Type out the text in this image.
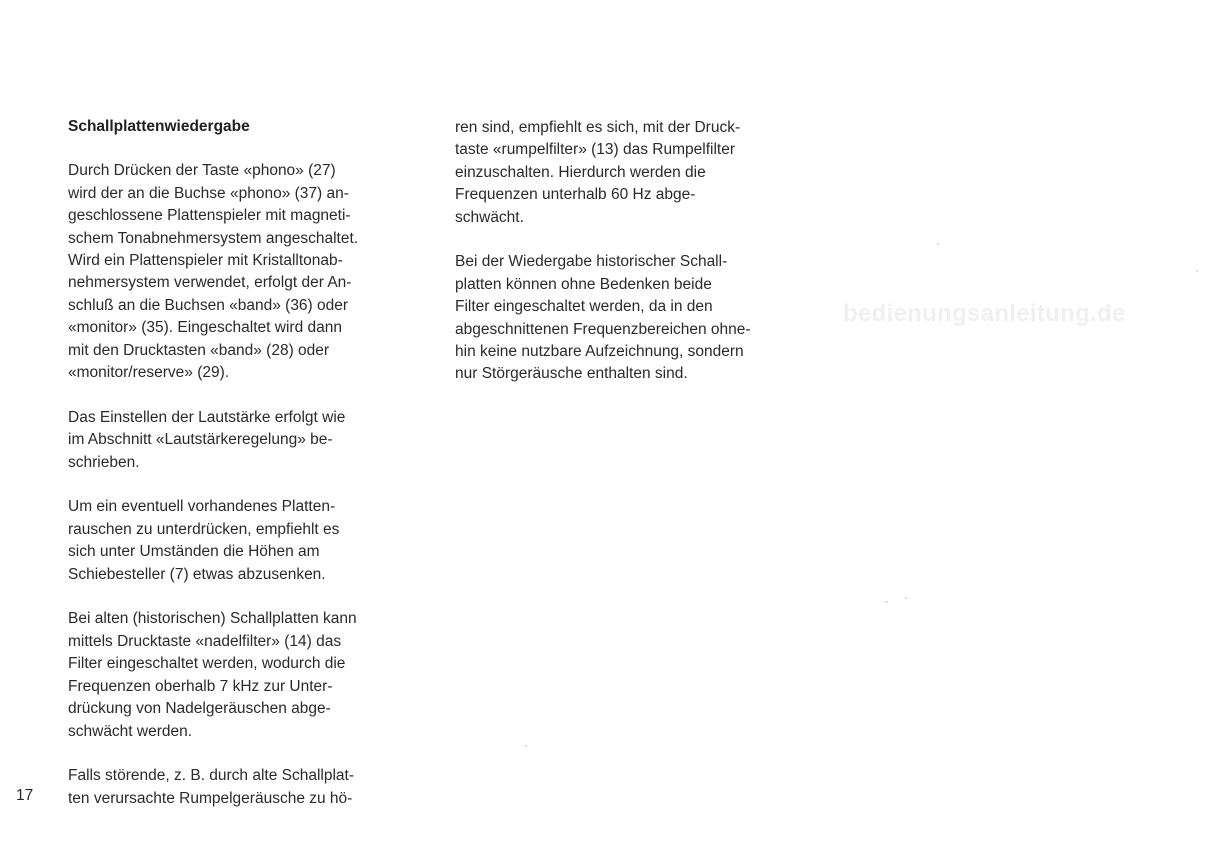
bedienungsanleitung.de
Schallplattenwiedergabe
Durch Drücken der Taste «phono» (27)
wird der an die Buchse «phono» (37) an-
geschlossene Plattenspieler mit magneti-
schem Tonabnehmersystem angeschaltet.
Wird ein Plattenspieler mit Kristalltonab-
nehmersystem verwendet, erfolgt der An-
schluß an die Buchsen «band» (36) oder
«monitor» (35). Eingeschaltet wird dann
mit den Drucktasten «band» (28) oder
«monitor/reserve» (29).
Das Einstellen der Lautstärke erfolgt wie
im Abschnitt «Lautstärkeregelung» be-
schrieben.
Um ein eventuell vorhandenes Platten-
rauschen zu unterdrücken, empfiehlt es
sich unter Umständen die Höhen am
Schiebesteller (7) etwas abzusenken.
Bei alten (historischen) Schallplatten kann
mittels Drucktaste «nadelfilter» (14) das
Filter eingeschaltet werden, wodurch die
Frequenzen oberhalb 7 kHz zur Unter-
drückung von Nadelgeräuschen abge-
schwächt werden.
Falls störende, z. B. durch alte Schallplat-
ten verursachte Rumpelgeräusche zu hö-
ren sind, empfiehlt es sich, mit der Druck-
taste «rumpelfilter» (13) das Rumpelfilter
einzuschalten. Hierdurch werden die
Frequenzen unterhalb 60 Hz abge-
schwächt.
Bei der Wiedergabe historischer Schall-
platten können ohne Bedenken beide
Filter eingeschaltet werden, da in den
abgeschnittenen Frequenzbereichen ohne-
hin keine nutzbare Aufzeichnung, sondern
nur Störgeräusche enthalten sind.
17
